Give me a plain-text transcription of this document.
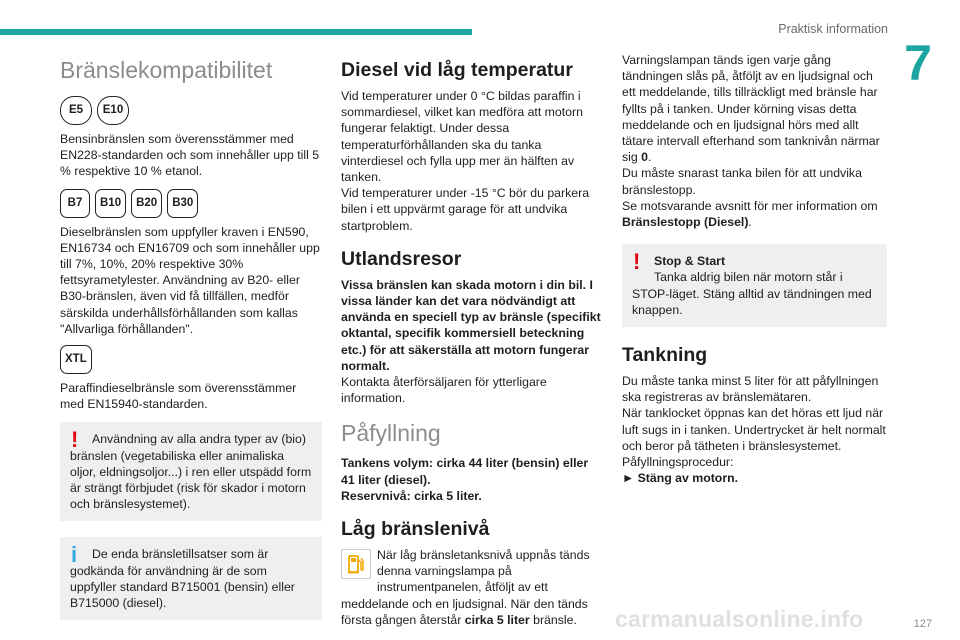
Praktisk information
7
Bränslekompatibilitet
E5	E10

Bensinbränslen som överensstämmer med EN228-standarden och som innehåller upp till 5 % respektive 10 % etanol.

B7	B10	B20	B30

Dieselbränslen som uppfyller kraven i EN590, EN16734 och EN16709 och som innehåller upp till 7%, 10%, 20% respektive 30% fettsyrametylester. Användning av B20- eller B30-bränslen, även vid få tillfällen, medför särskilda underhållsförhållanden som kallas "Allvarliga förhållanden".

XTL

Paraffindieselbränsle som överensstämmer med EN15940-standarden.

!	Användning av alla andra typer av (bio) bränslen (vegetabiliska eller animaliska oljor, eldningsoljor...) i ren eller utspädd form är strängt förbjudet (risk för skador i motorn och bränslesystemet).

i	De enda bränsletillsatser som är godkända för användning är de som uppfyller standard B715001 (bensin) eller B715000 (diesel).

Diesel vid låg temperatur

Vid temperaturer under 0 °C bildas paraffin i sommardiesel, vilket kan medföra att motorn fungerar felaktigt. Under dessa temperaturförhållanden ska du tanka vinterdiesel och fylla upp mer än hälften av tanken.

Vid temperaturer under -15 °C bör du parkera bilen i ett uppvärmt garage för att undvika startproblem.

Utlandsresor

Vissa bränslen kan skada motorn i din bil. I vissa länder kan det vara nödvändigt att använda en speciell typ av bränsle (specifikt oktantal, specifik kommersiell beteckning etc.) för att säkerställa att motorn fungerar normalt.

Kontakta återförsäljaren för ytterligare information.

Påfyllning

Tankens volym: cirka 44 liter (bensin) eller 41 liter (diesel).

Reservnivå: cirka 5 liter.

Låg bränslenivå

När låg bränsletanksnivå uppnås tänds denna varningslampa på instrumentpanelen, åtföljt av ett meddelande och en ljudsignal. När den tänds första gången återstår cirka 5 liter bränsle.

Varningslampan tänds igen varje gång tändningen slås på, åtföljt av en ljudsignal och ett meddelande, tills tillräckligt med bränsle har fyllts på i tanken. Under körning visas detta meddelande och en ljudsignal hörs med allt tätare intervall efterhand som tanknivån närmar sig 0.

Du måste snarast tanka bilen för att undvika bränslestopp.

Se motsvarande avsnitt för mer information om Bränslestopp (Diesel).

!	Stop & Start

Tanka aldrig bilen när motorn står i STOP-läget. Stäng alltid av tändningen med knappen.

Tankning

Du måste tanka minst 5 liter för att påfyllningen ska registreras av bränslemätaren.

När tanklocket öppnas kan det höras ett ljud när luft sugs in i tanken. Undertrycket är helt normalt och beror på tätheten i bränslesystemet.

Påfyllningsprocedur:

► Stäng av motorn.

carmanualsonline.info	127
